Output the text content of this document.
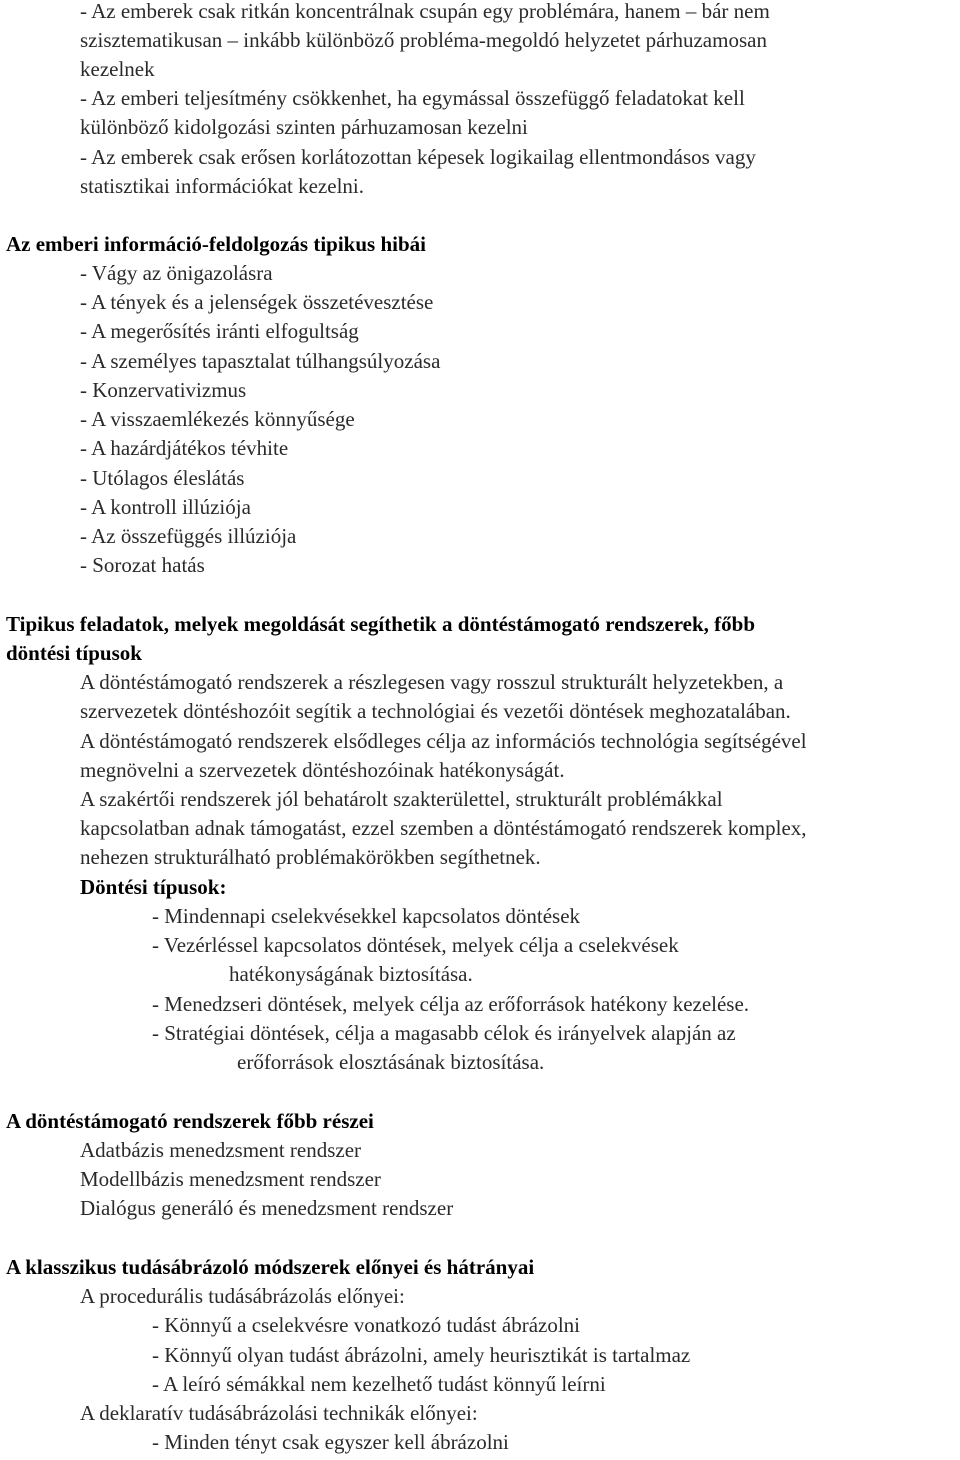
- Az emberek csak ritkán koncentrálnak csupán egy problémára, hanem – bár nem
szisztematikusan – inkább különböző probléma-megoldó helyzetet párhuzamosan
kezelnek
- Az emberi teljesítmény csökkenhet, ha egymással összefüggő feladatokat kell
különböző kidolgozási szinten párhuzamosan kezelni
- Az emberek csak erősen korlátozottan képesek logikailag ellentmondásos vagy
statisztikai információkat kezelni.
Az emberi információ-feldolgozás tipikus hibái
- Vágy az önigazolásra
- A tények és a jelenségek összetévesztése
- A megerősítés iránti elfogultság
- A személyes tapasztalat túlhangsúlyozása
- Konzervativizmus
- A visszaemlékezés könnyűsége
- A hazárdjátékos tévhite
- Utólagos éleslátás
- A kontroll illúziója
- Az összefüggés illúziója
- Sorozat hatás
Tipikus feladatok, melyek megoldását segíthetik a döntéstámogató rendszerek, főbb
döntési típusok
A döntéstámogató rendszerek a részlegesen vagy rosszul strukturált helyzetekben, a
szervezetek döntéshozóit segítik a technológiai és vezetői döntések meghozatalában.
A döntéstámogató rendszerek elsődleges célja az információs technológia segítségével
megnövelni a szervezetek döntéshozóinak hatékonyságát.
A szakértői rendszerek jól behatárolt szakterülettel, strukturált problémákkal
kapcsolatban adnak támogatást, ezzel szemben a döntéstámogató rendszerek komplex,
nehezen strukturálható problémakörökben segíthetnek.
Döntési típusok:
- Mindennapi cselekvésekkel kapcsolatos döntések
- Vezérléssel kapcsolatos döntések, melyek célja a cselekvések
hatékonyságának biztosítása.
- Menedzseri döntések, melyek célja az erőforrások hatékony kezelése.
- Stratégiai döntések, célja a magasabb célok és irányelvek alapján az
erőforrások elosztásának biztosítása.
A döntéstámogató rendszerek főbb részei
Adatbázis menedzsment rendszer
Modellbázis menedzsment rendszer
Dialógus generáló és menedzsment rendszer
A klasszikus tudásábrázoló módszerek előnyei és hátrányai
A procedurális tudásábrázolás előnyei:
- Könnyű a cselekvésre vonatkozó tudást ábrázolni
- Könnyű olyan tudást ábrázolni, amely heurisztikát is tartalmaz
- A leíró sémákkal nem kezelhető tudást könnyű leírni
A deklaratív tudásábrázolási technikák előnyei:
- Minden tényt csak egyszer kell ábrázolni
